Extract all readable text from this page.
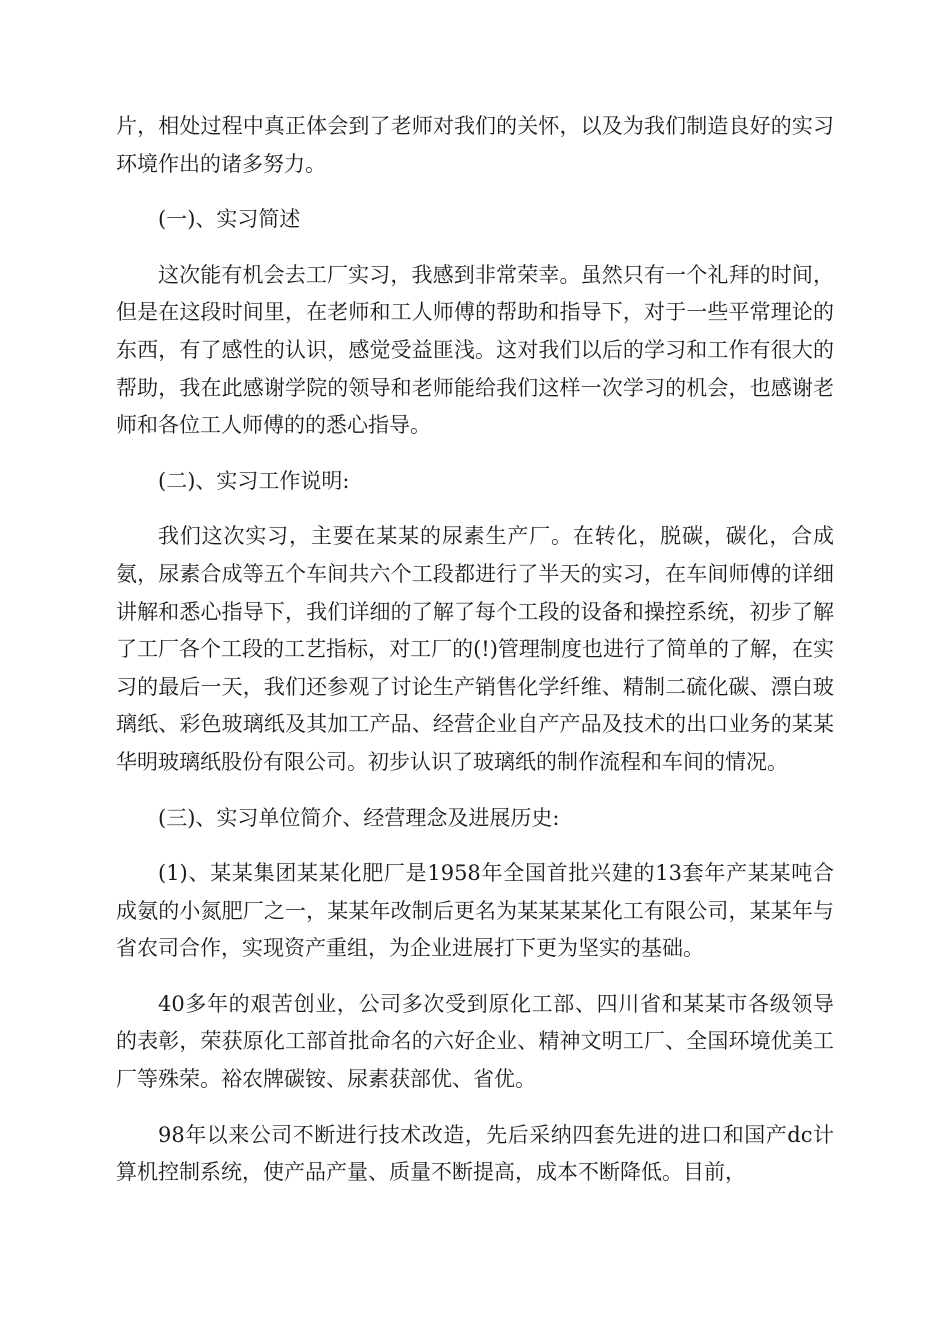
片，相处过程中真正体会到了老师对我们的关怀，以及为我们制造良好的实习环境作出的诸多努力。

(一)、实习简述

这次能有机会去工厂实习，我感到非常荣幸。虽然只有一个礼拜的时间，但是在这段时间里，在老师和工人师傅的帮助和指导下，对于一些平常理论的东西，有了感性的认识，感觉受益匪浅。这对我们以后的学习和工作有很大的帮助，我在此感谢学院的领导和老师能给我们这样一次学习的机会，也感谢老师和各位工人师傅的的悉心指导。

(二)、实习工作说明:

我们这次实习，主要在某某的尿素生产厂。在转化，脱碳，碳化，合成氨，尿素合成等五个车间共六个工段都进行了半天的实习，在车间师傅的详细讲解和悉心指导下，我们详细的了解了每个工段的设备和操控系统，初步了解了工厂各个工段的工艺指标，对工厂的(!)管理制度也进行了简单的了解，在实习的最后一天，我们还参观了讨论生产销售化学纤维、精制二硫化碳、漂白玻璃纸、彩色玻璃纸及其加工产品、经营企业自产产品及技术的出口业务的某某华明玻璃纸股份有限公司。初步认识了玻璃纸的制作流程和车间的情况。

(三)、实习单位简介、经营理念及进展历史:

(1)、某某集团某某化肥厂是1958年全国首批兴建的13套年产某某吨合成氨的小氮肥厂之一，某某年改制后更名为某某某某化工有限公司，某某年与省农司合作，实现资产重组，为企业进展打下更为坚实的基础。

40多年的艰苦创业，公司多次受到原化工部、四川省和某某市各级领导的表彰，荣获原化工部首批命名的六好企业、精神文明工厂、全国环境优美工厂等殊荣。裕农牌碳铵、尿素获部优、省优。

98年以来公司不断进行技术改造，先后采纳四套先进的进口和国产dc计算机控制系统，使产品产量、质量不断提高，成本不断降低。目前，
